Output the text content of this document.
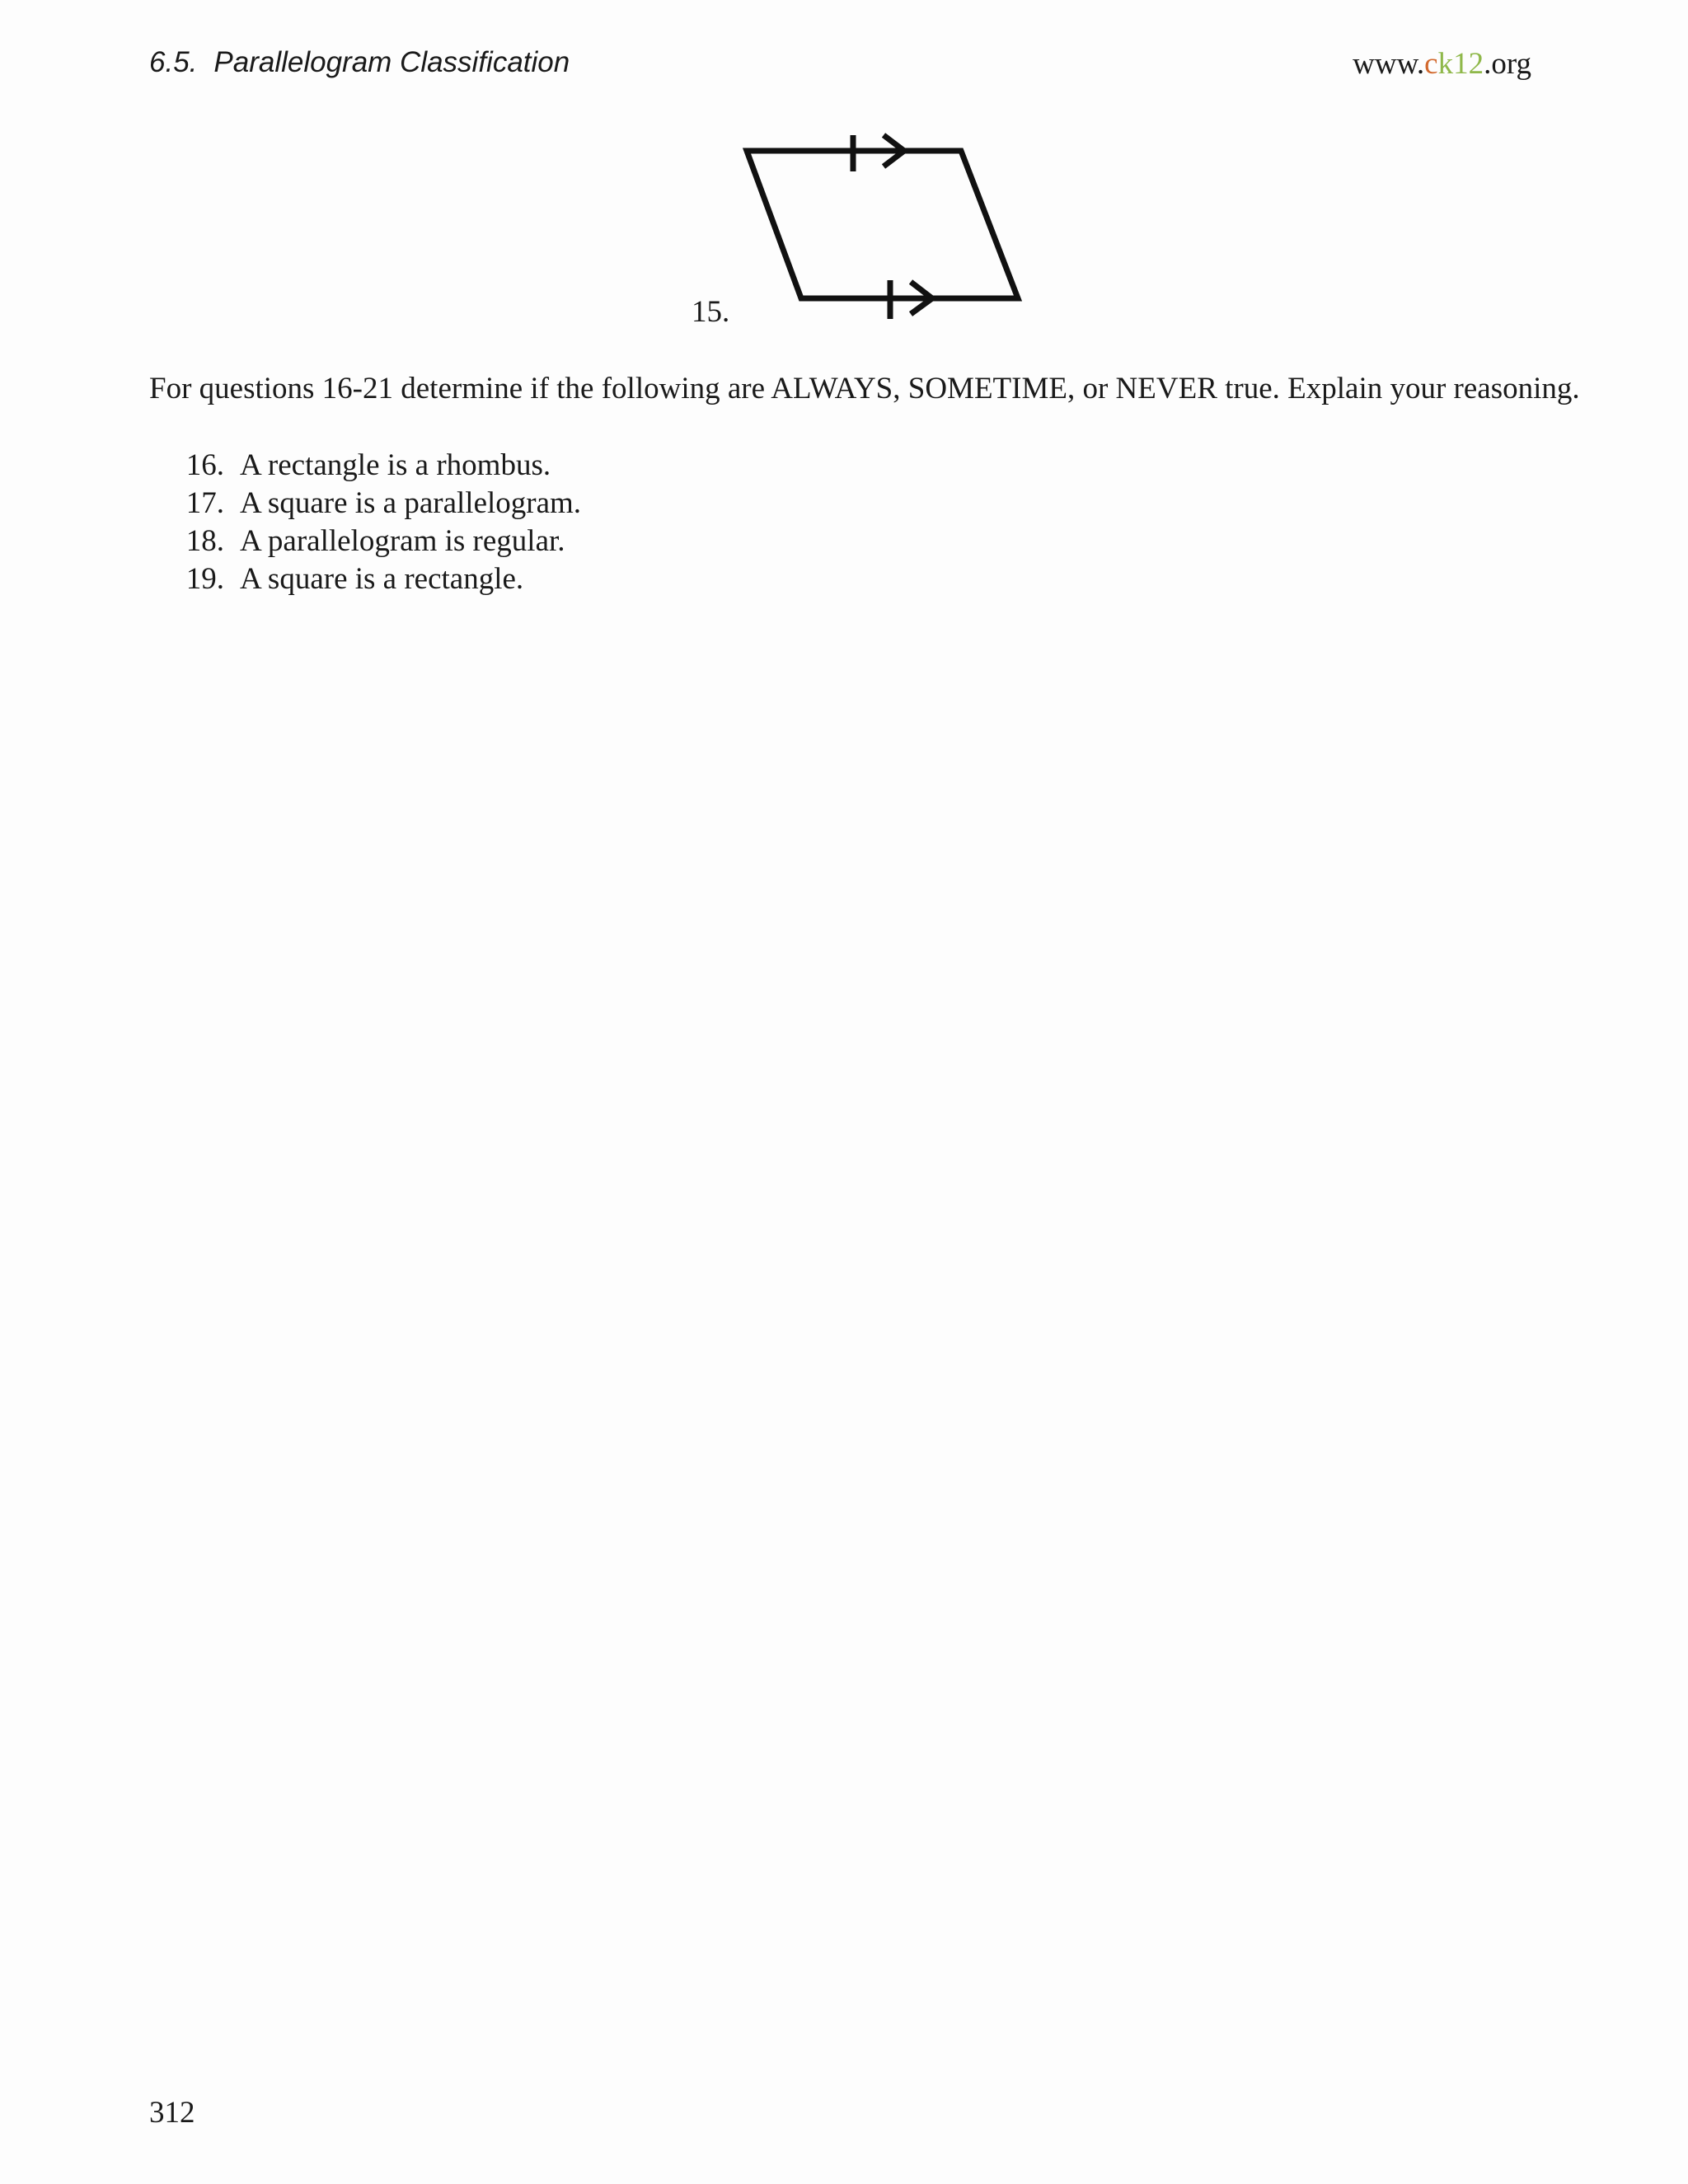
6.5. Parallelogram Classification	www.ck12.org
15.
For questions 16-21 determine if the following are ALWAYS, SOMETIME, or NEVER true. Explain your reasoning.
16. A rectangle is a rhombus.
17. A square is a parallelogram.
18. A parallelogram is regular.
19. A square is a rectangle.
312
